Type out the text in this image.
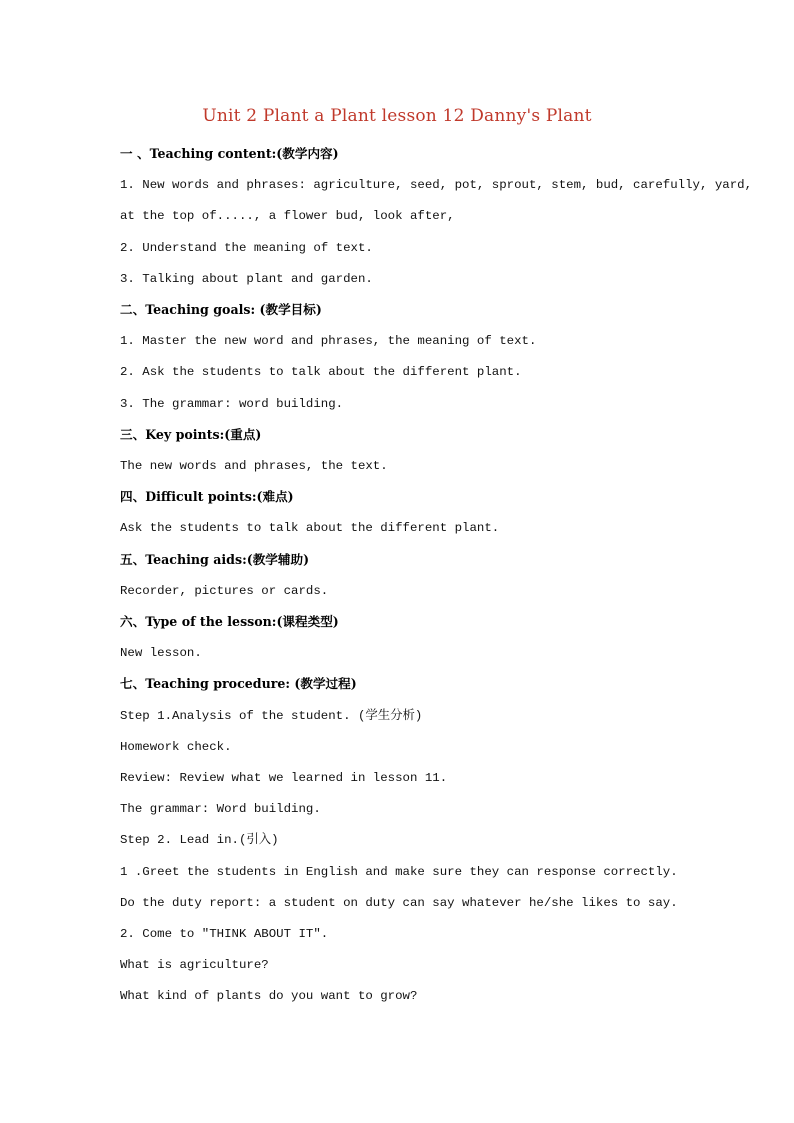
Unit 2 Plant a Plant lesson 12 Danny's Plant
一 、Teaching content:(教学内容)
1. New words and phrases: agriculture, seed, pot, sprout, stem, bud, carefully, yard,
at the top of....., a flower bud, look after,
2. Understand the meaning of text.
3. Talking about plant and garden.
二、Teaching goals: (教学目标)
1. Master the new word and phrases, the meaning of text.
2. Ask the students to talk about the different plant.
3. The grammar: word building.
三、Key points:(重点)
The new words and phrases, the text.
四、Difficult points:(难点)
Ask the students to talk about the different plant.
五、Teaching aids:(教学辅助)
Recorder, pictures or cards.
六、Type of the lesson:(课程类型)
New lesson.
七、Teaching procedure: (教学过程)
Step 1.Analysis of the student. (学生分析)
Homework check.
Review: Review what we learned in lesson 11.
The grammar: Word building.
Step 2. Lead in.(引入)
1 .Greet the students in English and make sure they can response correctly.
Do the duty report: a student on duty can say whatever he/she likes to say.
2. Come to "THINK ABOUT IT".
What is agriculture?
What kind of plants do you want to grow?
